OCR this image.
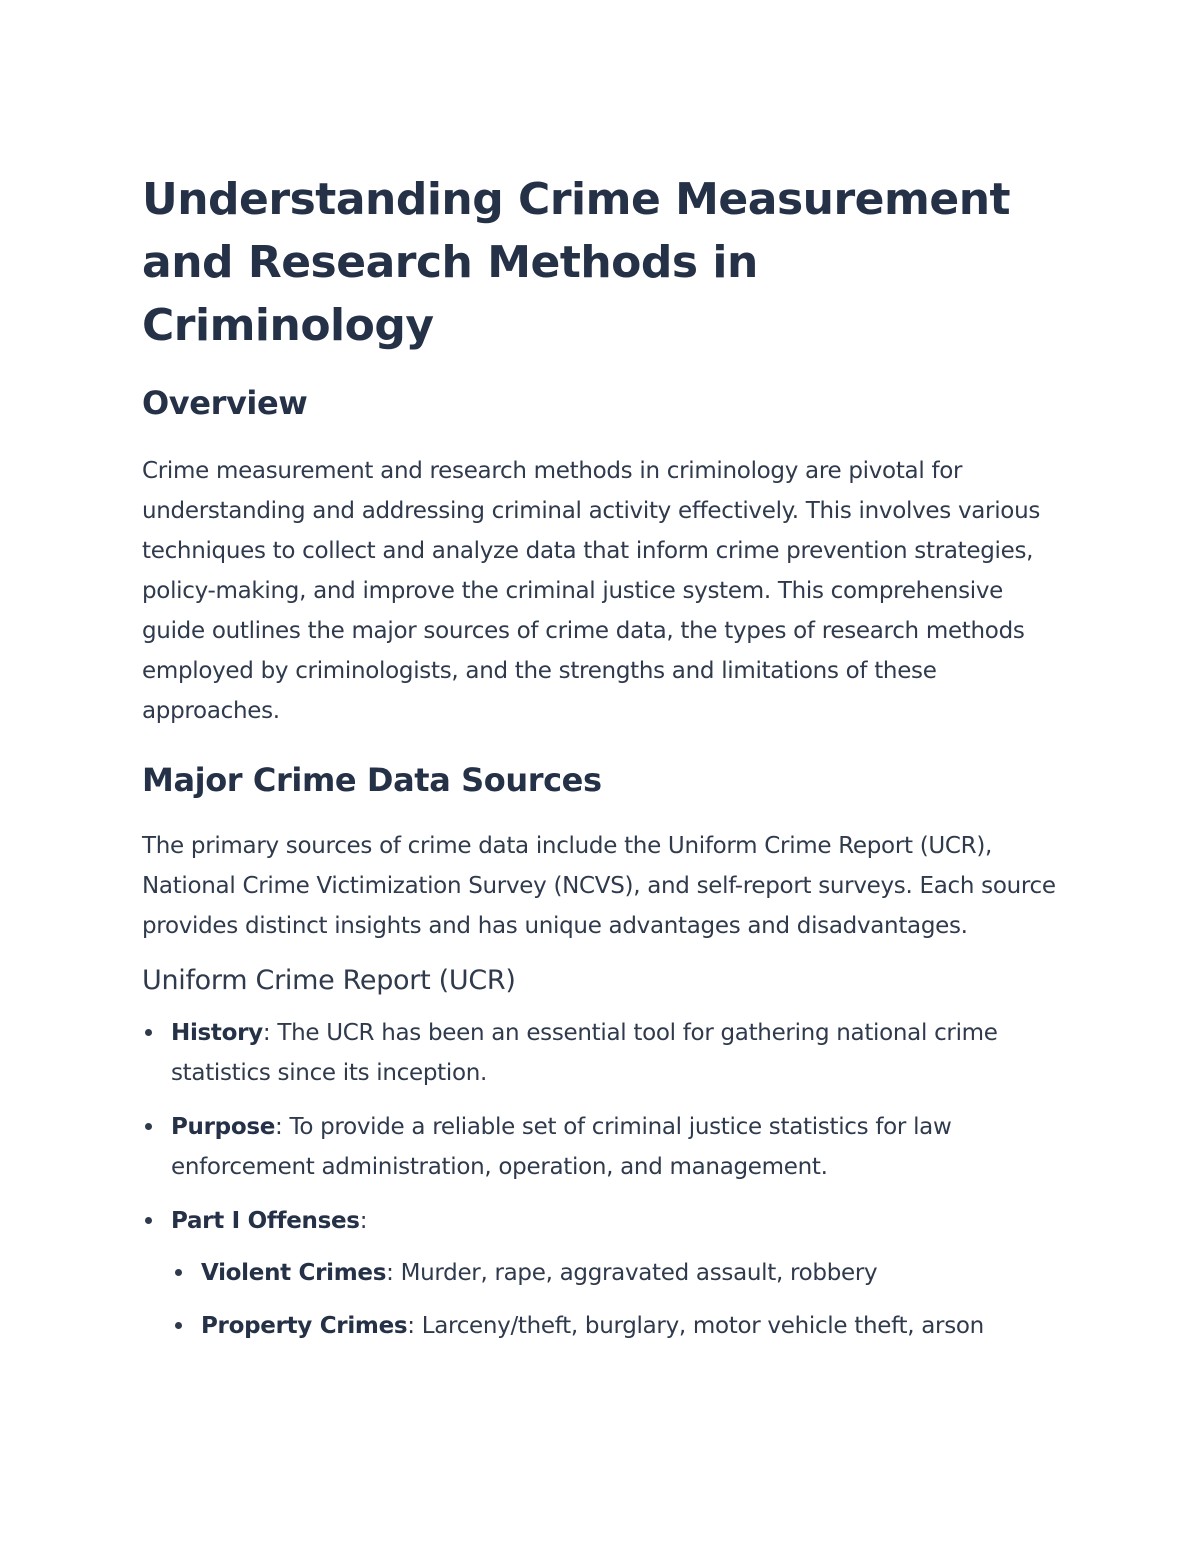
Understanding Crime Measurement and Research Methods in Criminology
Overview

Crime measurement and research methods in criminology are pivotal for understanding and addressing criminal activity effectively. This involves various techniques to collect and analyze data that inform crime prevention strategies, policy-making, and improve the criminal justice system. This comprehensive guide outlines the major sources of crime data, the types of research methods employed by criminologists, and the strengths and limitations of these approaches.

Major Crime Data Sources

The primary sources of crime data include the Uniform Crime Report (UCR), National Crime Victimization Survey (NCVS), and self-report surveys. Each source provides distinct insights and has unique advantages and disadvantages.

Uniform Crime Report (UCR)
History: The UCR has been an essential tool for gathering national crime statistics since its inception.
Purpose: To provide a reliable set of criminal justice statistics for law enforcement administration, operation, and management.
Part I Offenses:
Violent Crimes: Murder, rape, aggravated assault, robbery
Property Crimes: Larceny/theft, burglary, motor vehicle theft, arson
